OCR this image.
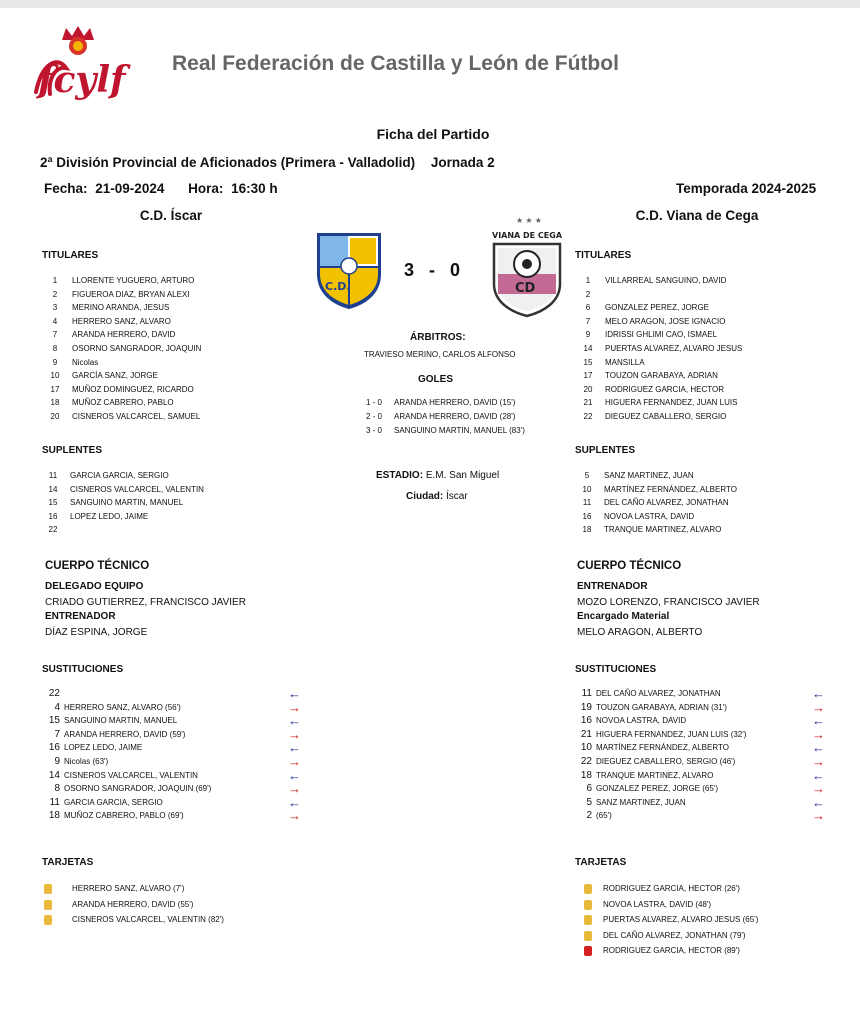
fcylf Real Federación de Castilla y León de Fútbol
Ficha del Partido
2ª División Provincial de Aficionados (Primera - Valladolid) Jornada 2
Fecha: 21-09-2024 Hora: 16:30 h	Temporada 2024-2025
C.D. Íscar	C.D. Viana de Cega
C.D.
3 - 0
★ ★ ★
VIANA DE CEGA
CD
TITULARES
1 LLORENTE YUGUERO, ARTURO
2 FIGUEROA DIAZ, BRYAN ALEXI
3 MERINO ARANDA, JESUS
4 HERRERO SANZ, ALVARO
7 ARANDA HERRERO, DAVID
8 OSORNO SANGRADOR, JOAQUIN
9 Nicolas
10 GARCÍA SANZ, JORGE
17 MUÑOZ DOMINGUEZ, RICARDO
18 MUÑOZ CABRERO, PABLO
20 CISNEROS VALCARCEL, SAMUEL
TITULARES
1 VILLARREAL SANGUINO, DAVID
2
6 GONZALEZ PEREZ, JORGE
7 MELO ARAGON, JOSE IGNACIO
9 IDRISSI GHLIMI CAO, ISMAEL
14 PUERTAS ALVAREZ, ALVARO JESUS
15 MANSILLA
17 TOUZON GARABAYA, ADRIAN
20 RODRIGUEZ GARCIA, HECTOR
21 HIGUERA FERNANDEZ, JUAN LUIS
22 DIEGUEZ CABALLERO, SERGIO
ÁRBITROS:
TRAVIESO MERINO, CARLOS ALFONSO
GOLES
1 - 0 ARANDA HERRERO, DAVID (15')
2 - 0 ARANDA HERRERO, DAVID (28')
3 - 0 SANGUINO MARTIN, MANUEL (83')
ESTADIO: E.M. San Miguel
Ciudad: Íscar
SUPLENTES
11 GARCIA GARCIA, SERGIO
14 CISNEROS VALCARCEL, VALENTIN
15 SANGUINO MARTIN, MANUEL
16 LOPEZ LEDO, JAIME
22
SUPLENTES
5 SANZ MARTINEZ, JUAN
10 MARTÍNEZ FERNÁNDEZ, ALBERTO
11 DEL CAÑO ALVAREZ, JONATHAN
16 NOVOA LASTRA, DAVID
18 TRANQUE MARTINEZ, ALVARO
CUERPO TÉCNICO
DELEGADO EQUIPO
CRIADO GUTIERREZ, FRANCISCO JAVIER
ENTRENADOR
DÍAZ ESPINA, JORGE
CUERPO TÉCNICO
ENTRENADOR
MOZO LORENZO, FRANCISCO JAVIER
Encargado Material
MELO ARAGON, ALBERTO
SUSTITUCIONES
22	←
4 HERRERO SANZ, ALVARO (56')	→
15 SANGUINO MARTIN, MANUEL	←
7 ARANDA HERRERO, DAVID (59')	→
16 LOPEZ LEDO, JAIME	←
9 Nicolas (63')	→
14 CISNEROS VALCARCEL, VALENTIN	←
8 OSORNO SANGRADOR, JOAQUIN (69')	→
11 GARCIA GARCIA, SERGIO	←
18 MUÑOZ CABRERO, PABLO (69')	→
SUSTITUCIONES
11 DEL CAÑO ALVAREZ, JONATHAN	←
19 TOUZON GARABAYA, ADRIAN (31')	→
16 NOVOA LASTRA, DAVID	←
21 HIGUERA FERNANDEZ, JUAN LUIS (32')	→
10 MARTÍNEZ FERNÁNDEZ, ALBERTO	←
22 DIEGUEZ CABALLERO, SERGIO (46')	→
18 TRANQUE MARTINEZ, ALVARO	←
6 GONZALEZ PEREZ, JORGE (65')	→
5 SANZ MARTINEZ, JUAN	←
2 (65')	→
TARJETAS
HERRERO SANZ, ALVARO (7')
ARANDA HERRERO, DAVID (55')
CISNEROS VALCARCEL, VALENTIN (82')
TARJETAS
RODRIGUEZ GARCIA, HECTOR (26')
NOVOA LASTRA, DAVID (48')
PUERTAS ALVAREZ, ALVARO JESUS (65')
DEL CAÑO ALVAREZ, JONATHAN (79')
RODRIGUEZ GARCIA, HECTOR (89')
